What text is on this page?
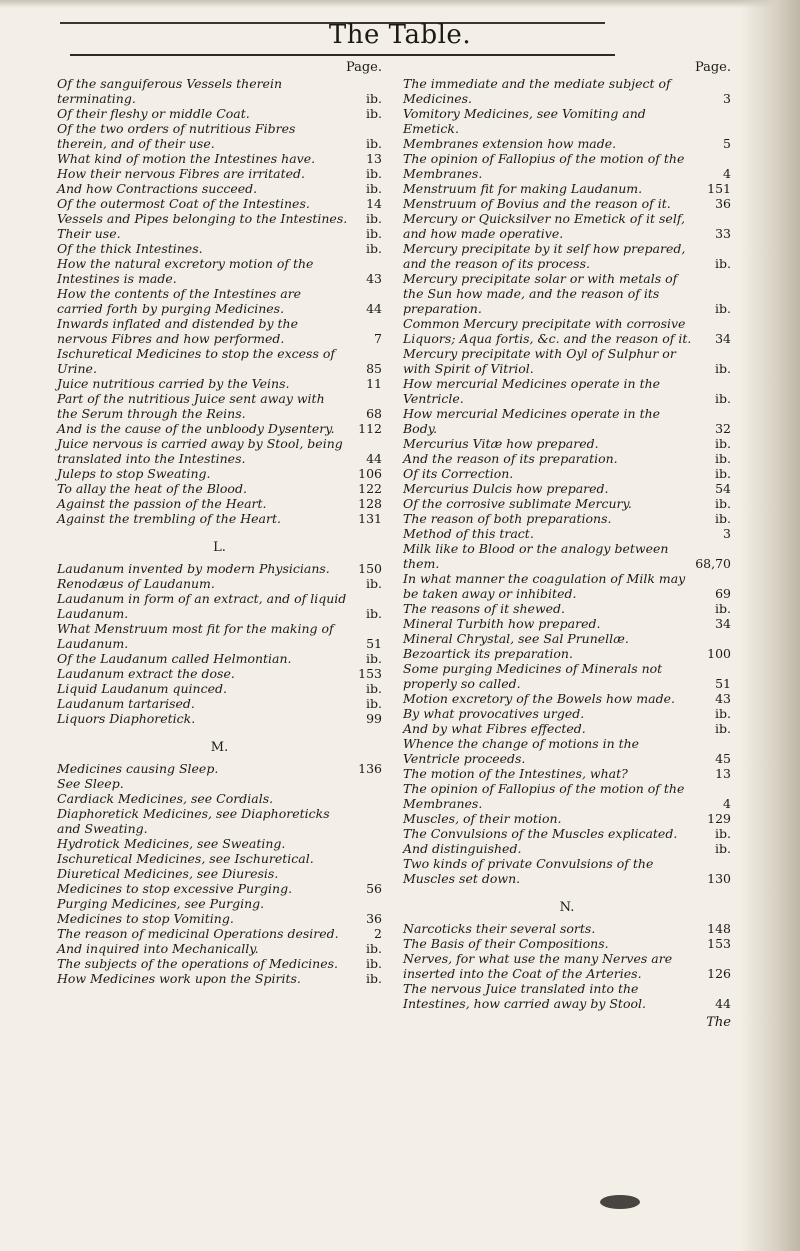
The Table.
Page.
Of the sanguiferous Vessels therein terminating.	ib.
Of their fleshy or middle Coat.	ib.
Of the two orders of nutritious Fibres therein, and of their use.	ib.
What kind of motion the Intestines have.	13
How their nervous Fibres are irritated.	ib.
And how Contractions succeed.	ib.
Of the outermost Coat of the Intestines.	14
Vessels and Pipes belonging to the Intestines. ib.
Their use.	ib.
Of the thick Intestines.	ib.
How the natural excretory motion of the Intestines is made.	43
How the contents of the Intestines are carried forth by purging Medicines.	44
Inwards inflated and distended by the nervous Fibres and how performed.	7
Ischuretical Medicines to stop the excess of Urine.	85
Juice nutritious carried by the Veins.	11
Part of the nutritious Juice sent away with the Serum through the Reins.	68
And is the cause of the unbloody Dysentery.	112
Juice nervous is carried away by Stool, being translated into the Intestines.	44
Juleps to stop Sweating.	106
To allay the heat of the Blood.	122
Against the passion of the Heart.	128
Against the trembling of the Heart.	131
L.
Laudanum invented by modern Physicians.	150
Renodæus of Laudanum.	ib.
Laudanum in form of an extract, and of liquid Laudanum.	ib.
What Menstruum most fit for the making of Laudanum.	51
Of the Laudanum called Helmontian.	ib.
Laudanum extract the dose.	153
Liquid Laudanum quinced.	ib.
Laudanum tartarised.	ib.
Liquors Diaphoretick.	99
M.
Medicines causing Sleep.	136
See Sleep.
Cardiack Medicines, see Cordials.
Diaphoretick Medicines, see Diaphoreticks and Sweating.
Hydrotick Medicines, see Sweating.
Ischuretical Medicines, see Ischuretical.
Diuretical Medicines, see Diuresis.
Medicines to stop excessive Purging.	56
Purging Medicines, see Purging.
Medicines to stop Vomiting.	36
The reason of medicinal Operations desired.	2
And inquired into Mechanically.	ib.
The subjects of the operations of Medicines.	ib.
How Medicines work upon the Spirits.	ib.
Page.
The immediate and the mediate subject of Medicines.	3
Vomitory Medicines, see Vomiting and Emetick.
Membranes extension how made.	5
The opinion of Fallopius of the motion of the Membranes.	4
Menstruum fit for making Laudanum.	151
Menstruum of Bovius and the reason of it.	36
Mercury or Quicksilver no Emetick of it self, and how made operative.	33
Mercury precipitate by it self how prepared, and the reason of its process.	ib.
Mercury precipitate solar or with metals of the Sun how made, and the reason of its preparation.	ib.
Common Mercury precipitate with corrosive Liquors; Aqua fortis, &c. and the reason of it.	34
Mercury precipitate with Oyl of Sulphur or with Spirit of Vitriol.	ib.
How mercurial Medicines operate in the Ventricle.	ib.
How mercurial Medicines operate in the Body.	32
Mercurius Vitæ how prepared.	ib.
And the reason of its preparation.	ib.
Of its Correction.	ib.
Mercurius Dulcis how prepared.	54
Of the corrosive sublimate Mercury.	ib.
The reason of both preparations.	ib.
Method of this tract.	3
Milk like to Blood or the analogy between them.	68,70
In what manner the coagulation of Milk may be taken away or inhibited.	69
The reasons of it shewed.	ib.
Mineral Turbith how prepared.	34
Mineral Chrystal, see Sal Prunellæ.
Bezoartick its preparation.	100
Some purging Medicines of Minerals not properly so called.	51
Motion excretory of the Bowels how made.	43
By what provocatives urged.	ib.
And by what Fibres effected.	ib.
Whence the change of motions in the Ventricle proceeds.	45
The motion of the Intestines, what?	13
The opinion of Fallopius of the motion of the Membranes.	4
Muscles, of their motion.	129
The Convulsions of the Muscles explicated.	ib.
And distinguished.	ib.
Two kinds of private Convulsions of the Muscles set down.	130
N.
Narcoticks their several sorts.	148
The Basis of their Compositions.	153
Nerves, for what use the many Nerves are inserted into the Coat of the Arteries.	126
The nervous Juice translated into the Intestines, how carried away by Stool.	44
The
